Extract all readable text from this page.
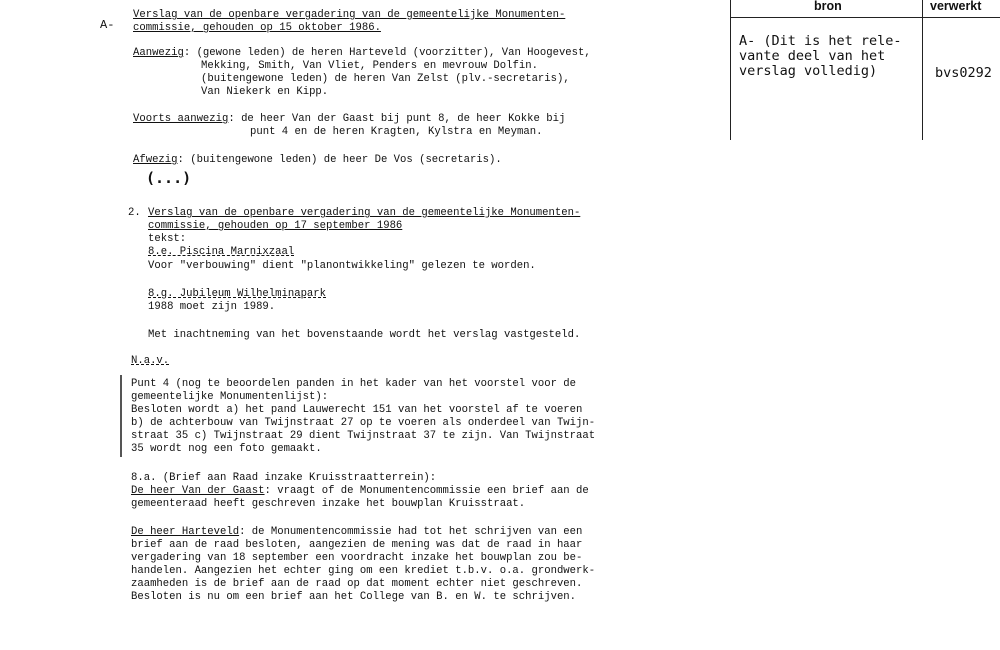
A-
Verslag van de openbare vergadering van de gemeentelijke Monumenten-
commissie, gehouden op 15 oktober 1986.
Aanwezig: (gewone leden) de heren Harteveld (voorzitter), Van Hoogevest,
Mekking, Smith, Van Vliet, Penders en mevrouw Dolfin.
(buitengewone leden) de heren Van Zelst (plv.-secretaris),
Van Niekerk en Kipp.
Voorts aanwezig: de heer Van der Gaast bij punt 8, de heer Kokke bij
punt 4 en de heren Kragten, Kylstra en Meyman.
Afwezig: (buitengewone leden) de heer De Vos (secretaris).
(...)
2. Verslag van de openbare vergadering van de gemeentelijke Monumenten-
commissie, gehouden op 17 september 1986
tekst:
8.e. Piscina Marnixzaal
Voor "verbouwing" dient "planontwikkeling" gelezen te worden.
8.g. Jubileum Wilhelminapark
1988 moet zijn 1989.
Met inachtneming van het bovenstaande wordt het verslag vastgesteld.
N.a.v.
Punt 4 (nog te beoordelen panden in het kader van het voorstel voor de
gemeentelijke Monumentenlijst):
Besloten wordt a) het pand Lauwerecht 151 van het voorstel af te voeren
b) de achterbouw van Twijnstraat 27 op te voeren als onderdeel van Twijn-
straat 35 c) Twijnstraat 29 dient Twijnstraat 37 te zijn. Van Twijnstraat
35 wordt nog een foto gemaakt.
8.a. (Brief aan Raad inzake Kruisstraatterrein):
De heer Van der Gaast: vraagt of de Monumentencommissie een brief aan de
gemeenteraad heeft geschreven inzake het bouwplan Kruisstraat.
De heer Harteveld: de Monumentencommissie had tot het schrijven van een
brief aan de raad besloten, aangezien de mening was dat de raad in haar
vergadering van 18 september een voordracht inzake het bouwplan zou be-
handelen. Aangezien het echter ging om een krediet t.b.v. o.a. grondwerk-
zaamheden is de brief aan de raad op dat moment echter niet geschreven.
Besloten is nu om een brief aan het College van B. en W. te schrijven.
bron	verwerkt
A- (Dit is het rele-
vante deel van het
verslag volledig)	bvs0292
